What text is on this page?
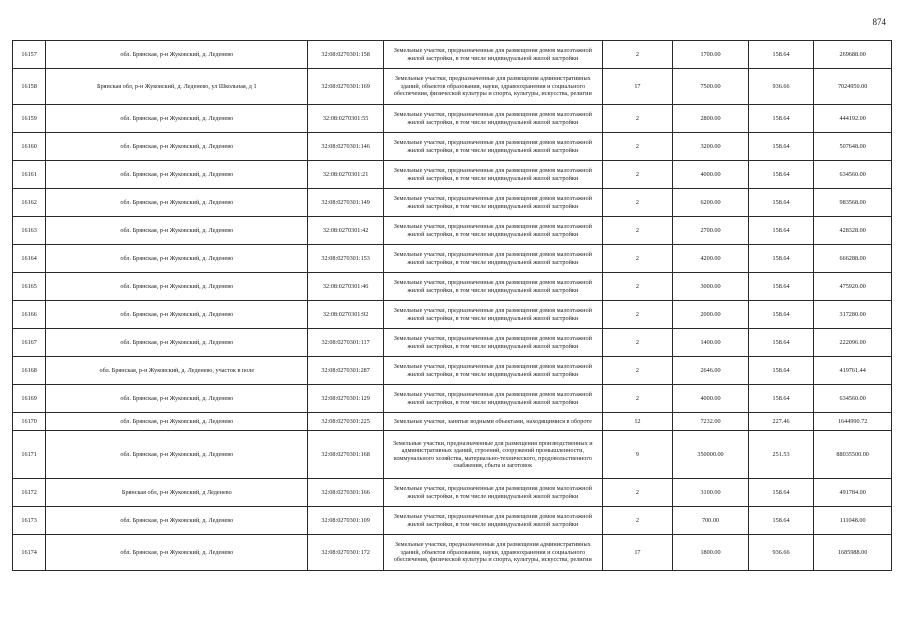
874
16157	обл. Брянская, р-н Жуковский, д. Леденево	32:08:0270301:158	Земельные участки, предназначенные для размещения домов малоэтажной жилой застройки, в том числе индивидуальной жилой застройки	2	1700.00	158.64	269688.00
16158	Брянская обл, р-н Жуковский, д. Леденево, ул Школьная, д 1	32:08:0270301:169	Земельные участки, предназначенные для размещения административных зданий, объектов образования, науки, здравоохранения и социального обеспечения, физической культуры и спорта, культуры, искусства, религии	17	7500.00	936.66	7024950.00
16159	обл. Брянская, р-н Жуковский, д. Леденево	32:08:0270301:55	Земельные участки, предназначенные для размещения домов малоэтажной жилой застройки, в том числе индивидуальной жилой застройки	2	2800.00	158.64	444192.00
16160	обл. Брянская, р-н Жуковский, д. Леденево	32:08:0270301:146	Земельные участки, предназначенные для размещения домов малоэтажной жилой застройки, в том числе индивидуальной жилой застройки	2	3200.00	158.64	507648.00
16161	обл. Брянская, р-н Жуковский, д. Леденево	32:08:0270301:21	Земельные участки, предназначенные для размещения домов малоэтажной жилой застройки, в том числе индивидуальной жилой застройки	2	4000.00	158.64	634560.00
16162	обл. Брянская, р-н Жуковский, д. Леденево	32:08:0270301:149	Земельные участки, предназначенные для размещения домов малоэтажной жилой застройки, в том числе индивидуальной жилой застройки	2	6200.00	158.64	983568.00
16163	обл. Брянская, р-н Жуковский, д. Леденево	32:08:0270301:42	Земельные участки, предназначенные для размещения домов малоэтажной жилой застройки, в том числе индивидуальной жилой застройки	2	2700.00	158.64	428328.00
16164	обл. Брянская, р-н Жуковский, д. Леденево	32:08:0270301:153	Земельные участки, предназначенные для размещения домов малоэтажной жилой застройки, в том числе индивидуальной жилой застройки	2	4200.00	158.64	666288.00
16165	обл. Брянская, р-н Жуковский, д. Леденево	32:08:0270301:46	Земельные участки, предназначенные для размещения домов малоэтажной жилой застройки, в том числе индивидуальной жилой застройки	2	3000.00	158.64	475920.00
16166	обл. Брянская, р-н Жуковский, д. Леденево	32:08:0270301:92	Земельные участки, предназначенные для размещения домов малоэтажной жилой застройки, в том числе индивидуальной жилой застройки	2	2000.00	158.64	317280.00
16167	обл. Брянская, р-н Жуковский, д. Леденево	32:08:0270301:117	Земельные участки, предназначенные для размещения домов малоэтажной жилой застройки, в том числе индивидуальной жилой застройки	2	1400.00	158.64	222096.00
16168	обл. Брянская, р-н Жуковский, д. Леденево, участок в поле	32:08:0270301:287	Земельные участки, предназначенные для размещения домов малоэтажной жилой застройки, в том числе индивидуальной жилой застройки	2	2646.00	158.64	419761.44
16169	обл. Брянская, р-н Жуковский, д. Леденево	32:08:0270301:129	Земельные участки, предназначенные для размещения домов малоэтажной жилой застройки, в том числе индивидуальной жилой застройки	2	4000.00	158.64	634560.00
16170	обл. Брянская, р-н Жуковский, д. Леденево	32:08:0270301:225	Земельные участки, занятые водными объектами, находящимися в обороте	12	7232.00	227.46	1644990.72
16171	обл. Брянская, р-н Жуковский, д. Леденево	32:08:0270301:168	Земельные участки, предназначенные для размещения производственных и административных зданий, строений, сооружений промышленности, коммунального хозяйства, материально-технического, продовольственного снабжения, сбыта и заготовок	9	350000.00	251.53	88035500.00
16172	Брянская обл, р-н Жуковский, д Леденево	32:08:0270301:166	Земельные участки, предназначенные для размещения домов малоэтажной жилой застройки, в том числе индивидуальной жилой застройки	2	3100.00	158.64	491784.00
16173	обл. Брянская, р-н Жуковский, д. Леденево	32:08:0270301:109	Земельные участки, предназначенные для размещения домов малоэтажной жилой застройки, в том числе индивидуальной жилой застройки	2	700.00	158.64	111048.00
16174	обл. Брянская, р-н Жуковский, д. Леденево	32:08:0270301:172	Земельные участки, предназначенные для размещения административных зданий, объектов образования, науки, здравоохранения и социального обеспечения, физической культуры и спорта, культуры, искусства, религии	17	1800.00	936.66	1685988.00
